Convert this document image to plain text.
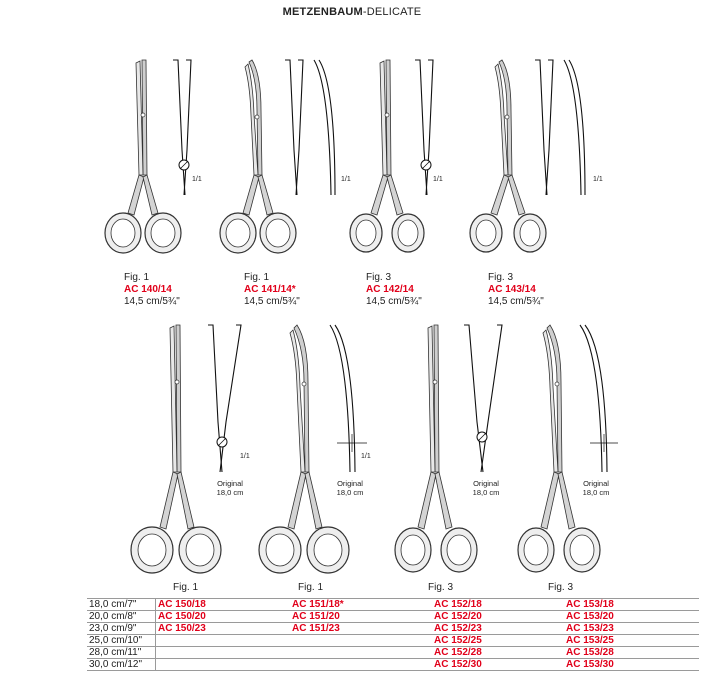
METZENBAUM-DELICATE
1/1	1/1	1/1	1/1
Fig. 1
AC 140/14
14,5 cm/5¾"
Fig. 1
AC 141/14*
14,5 cm/5¾"
Fig. 3
AC 142/14
14,5 cm/5¾"
Fig. 3
AC 143/14
14,5 cm/5¾"
1/1
Original
18,0 cm
1/1
Original
18,0 cm
Original
18,0 cm
Original
18,0 cm
Fig. 1	Fig. 1	Fig. 3	Fig. 3
18,0 cm/7"	AC 150/18	AC 151/18*	AC 152/18	AC 153/18
20,0 cm/8"	AC 150/20	AC 151/20	AC 152/20	AC 153/20
23,0 cm/9"	AC 150/23	AC 151/23	AC 152/23	AC 153/23
25,0 cm/10"			AC 152/25	AC 153/25
28,0 cm/11"			AC 152/28	AC 153/28
30,0 cm/12"			AC 152/30	AC 153/30
